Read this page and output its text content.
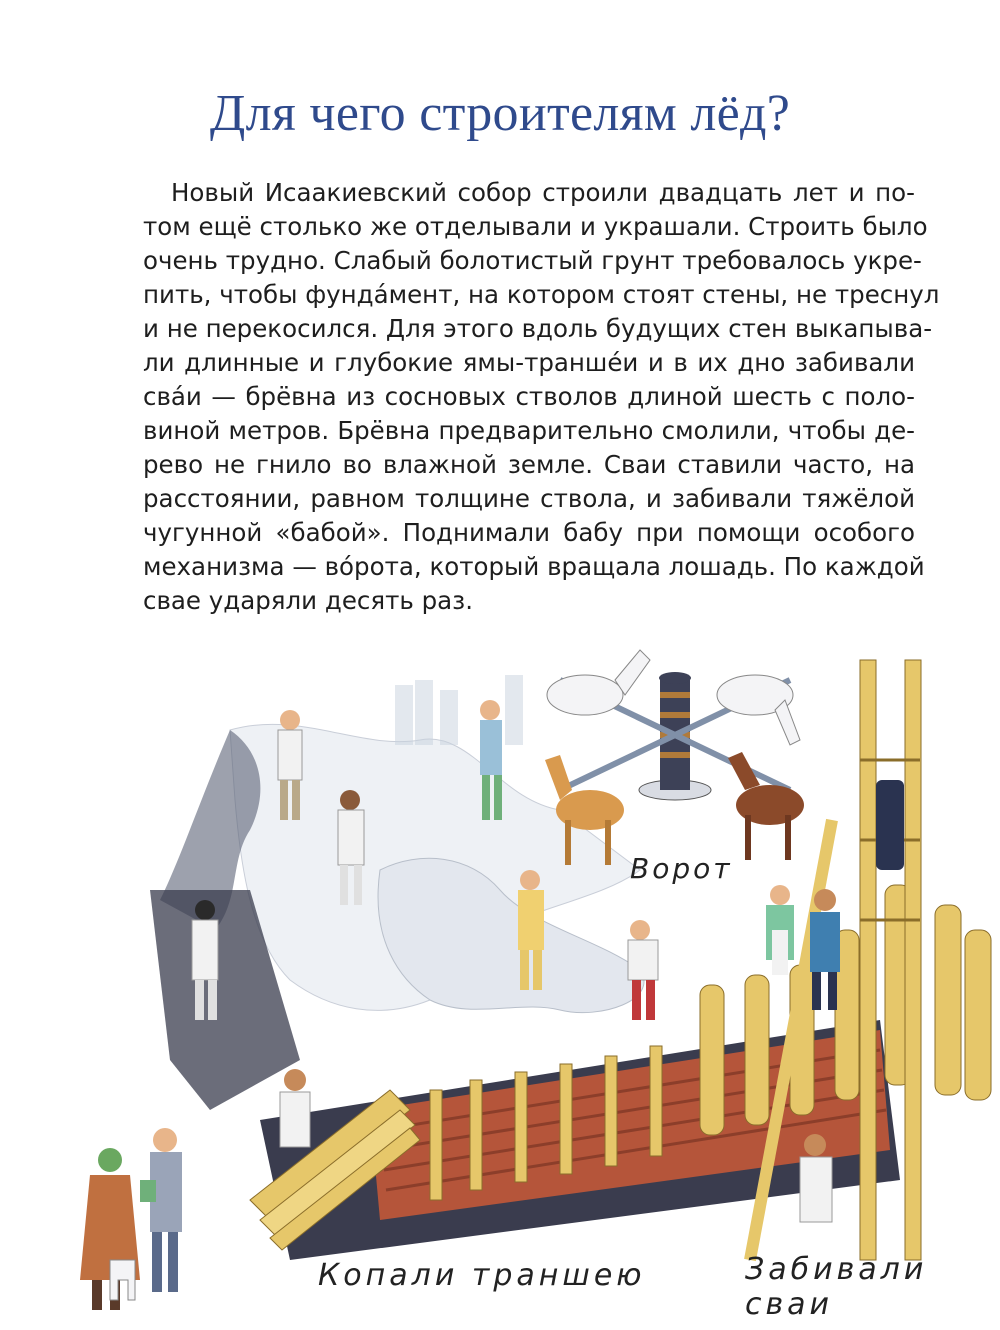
Для чего строителям лёд?
Новый Исаакиевский собор строили двадцать лет и по-
том ещё столько же отделывали и украшали. Строить было
очень трудно. Слабый болотистый грунт требовалось укре-
пить, чтобы фунда́мент, на котором стоят стены, не треснул
и не перекосился. Для этого вдоль будущих стен выкапыва-
ли длинные и глубокие ямы-транше́и и в их дно забивали
сва́и — брёвна из сосновых стволов длиной шесть с поло-
виной метров. Брёвна предварительно смолили, чтобы де-
рево не гнило во влажной земле. Сваи ставили часто, на
расстоянии, равном толщине ствола, и забивали тяжёлой
чугунной «бабой». Поднимали бабу при помощи особого
механизма — во́рота, который вращала лошадь. По каждой
свае ударяли десять раз.
Ворот
Копали траншею	Забивали сваи
